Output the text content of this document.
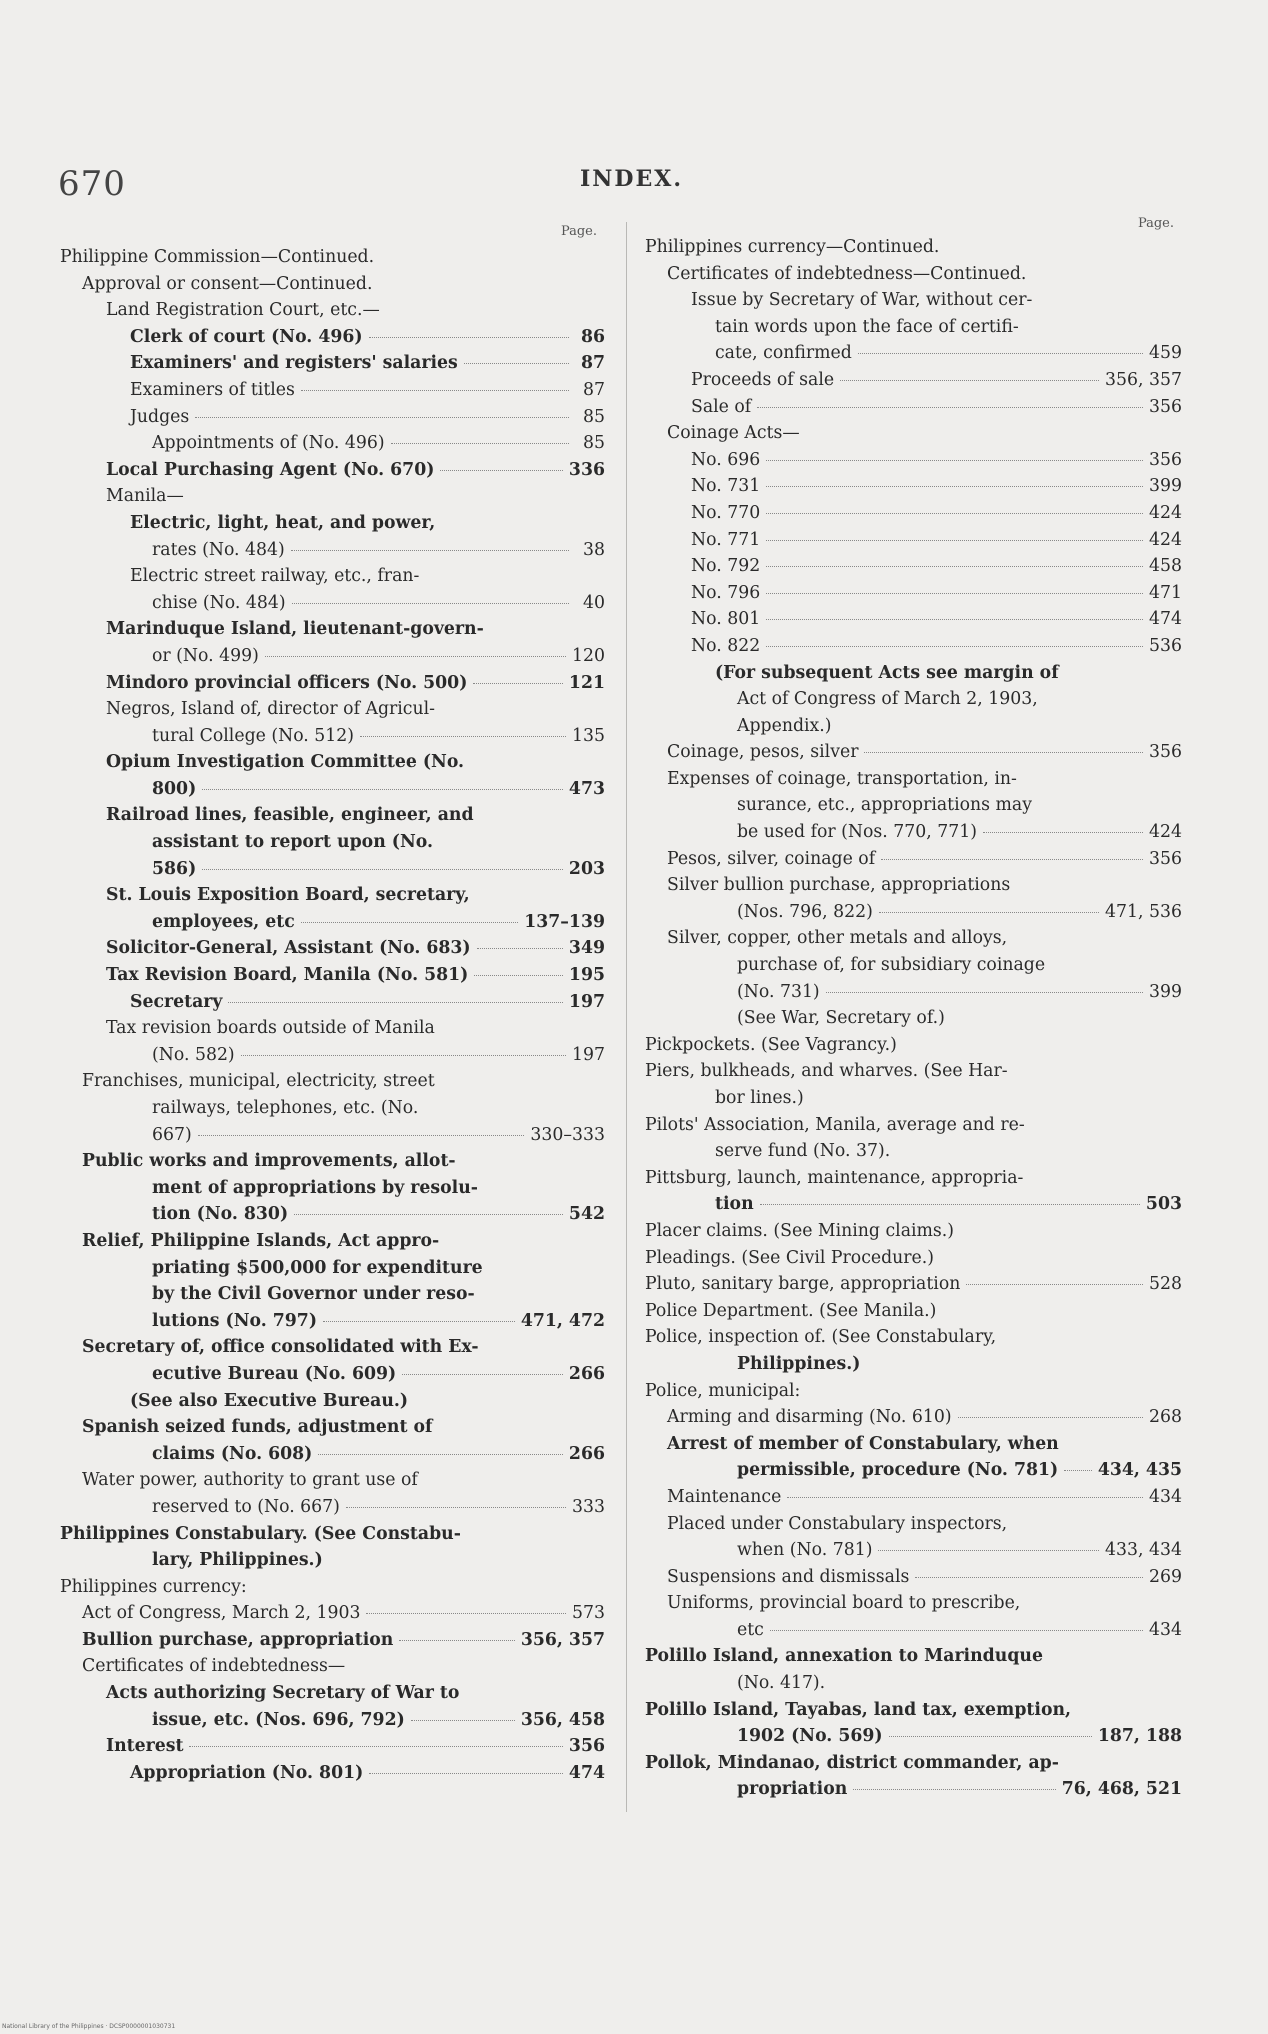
670	INDEX.
Page.
Philippine Commission—Continued.
Approval or consent—Continued.
Land Registration Court, etc.—
Clerk of court (No. 496)	86
Examiners' and registers' salaries	87
Examiners of titles	87
Judges	85
Appointments of (No. 496)	85
Local Purchasing Agent (No. 670)	336
Manila—
Electric, light, heat, and power,
rates (No. 484)	38
Electric street railway, etc., fran-
chise (No. 484)	40
Marinduque Island, lieutenant-govern-
or (No. 499)	120
Mindoro provincial officers (No. 500)	121
Negros, Island of, director of Agricul-
tural College (No. 512)	135
Opium Investigation Committee (No.
800)	473
Railroad lines, feasible, engineer, and
assistant to report upon (No.
586)	203
St. Louis Exposition Board, secretary,
employees, etc	137–139
Solicitor-General, Assistant (No. 683)	349
Tax Revision Board, Manila (No. 581)	195
Secretary	197
Tax revision boards outside of Manila
(No. 582)	197
Franchises, municipal, electricity, street
railways, telephones, etc. (No.
667)	330–333
Public works and improvements, allot-
ment of appropriations by resolu-
tion (No. 830)	542
Relief, Philippine Islands, Act appro-
priating $500,000 for expenditure
by the Civil Governor under reso-
lutions (No. 797)	471, 472
Secretary of, office consolidated with Ex-
ecutive Bureau (No. 609)	266
(See also Executive Bureau.)
Spanish seized funds, adjustment of
claims (No. 608)	266
Water power, authority to grant use of
reserved to (No. 667)	333
Philippines Constabulary. (See Constabu-
lary, Philippines.)
Philippines currency:
Act of Congress, March 2, 1903	573
Bullion purchase, appropriation	356, 357
Certificates of indebtedness—
Acts authorizing Secretary of War to
issue, etc. (Nos. 696, 792)	356, 458
Interest	356
Appropriation (No. 801)	474
Page.
Philippines currency—Continued.
Certificates of indebtedness—Continued.
Issue by Secretary of War, without cer-
tain words upon the face of certifi-
cate, confirmed	459
Proceeds of sale	356, 357
Sale of	356
Coinage Acts—
No. 696	356
No. 731	399
No. 770	424
No. 771	424
No. 792	458
No. 796	471
No. 801	474
No. 822	536
(For subsequent Acts see margin of
Act of Congress of March 2, 1903,
Appendix.)
Coinage, pesos, silver	356
Expenses of coinage, transportation, in-
surance, etc., appropriations may
be used for (Nos. 770, 771)	424
Pesos, silver, coinage of	356
Silver bullion purchase, appropriations
(Nos. 796, 822)	471, 536
Silver, copper, other metals and alloys,
purchase of, for subsidiary coinage
(No. 731)	399
(See War, Secretary of.)
Pickpockets. (See Vagrancy.)
Piers, bulkheads, and wharves. (See Har-
bor lines.)
Pilots' Association, Manila, average and re-
serve fund (No. 37).
Pittsburg, launch, maintenance, appropria-
tion	503
Placer claims. (See Mining claims.)
Pleadings. (See Civil Procedure.)
Pluto, sanitary barge, appropriation	528
Police Department. (See Manila.)
Police, inspection of. (See Constabulary,
Philippines.)
Police, municipal:
Arming and disarming (No. 610)	268
Arrest of member of Constabulary, when
permissible, procedure (No. 781) 434, 435
Maintenance	434
Placed under Constabulary inspectors,
when (No. 781)	433, 434
Suspensions and dismissals	269
Uniforms, provincial board to prescribe,
etc	434
Polillo Island, annexation to Marinduque
(No. 417).
Polillo Island, Tayabas, land tax, exemption,
1902 (No. 569)	187, 188
Pollok, Mindanao, district commander, ap-
propriation	76, 468, 521
National Library of the Philippines · DCSP0000001030731
